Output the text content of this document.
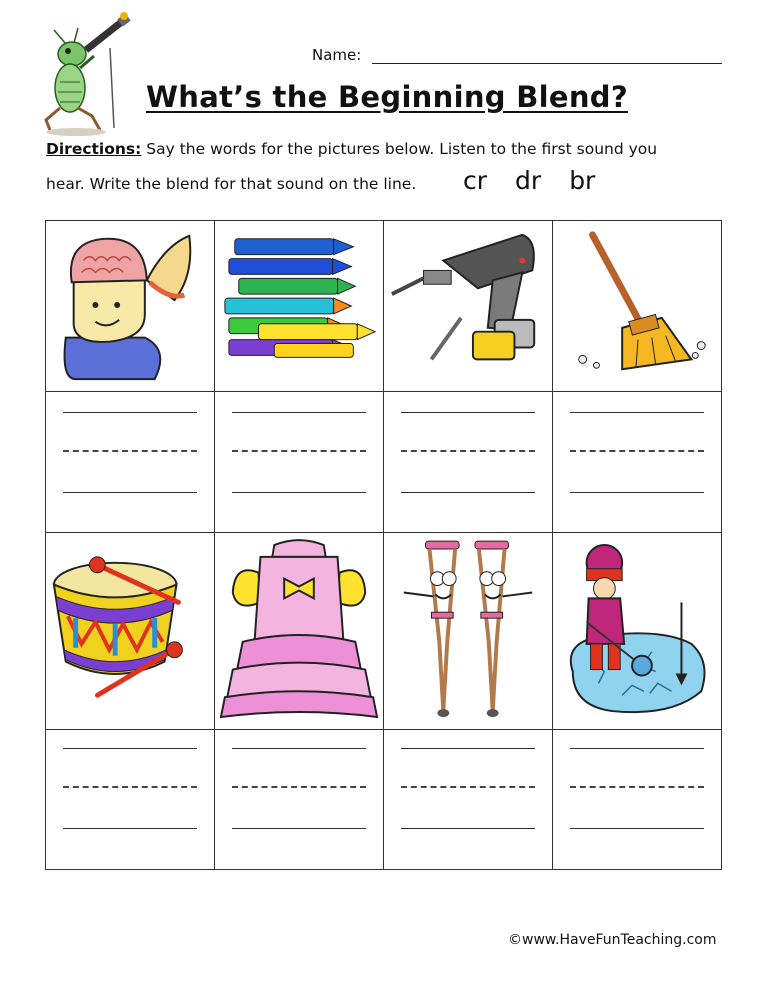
Name:
What’s the Beginning Blend?
Directions: Say the words for the pictures below. Listen to the first sound you
hear. Write the blend for that sound on the line. cr dr br
©www.HaveFunTeaching.com
